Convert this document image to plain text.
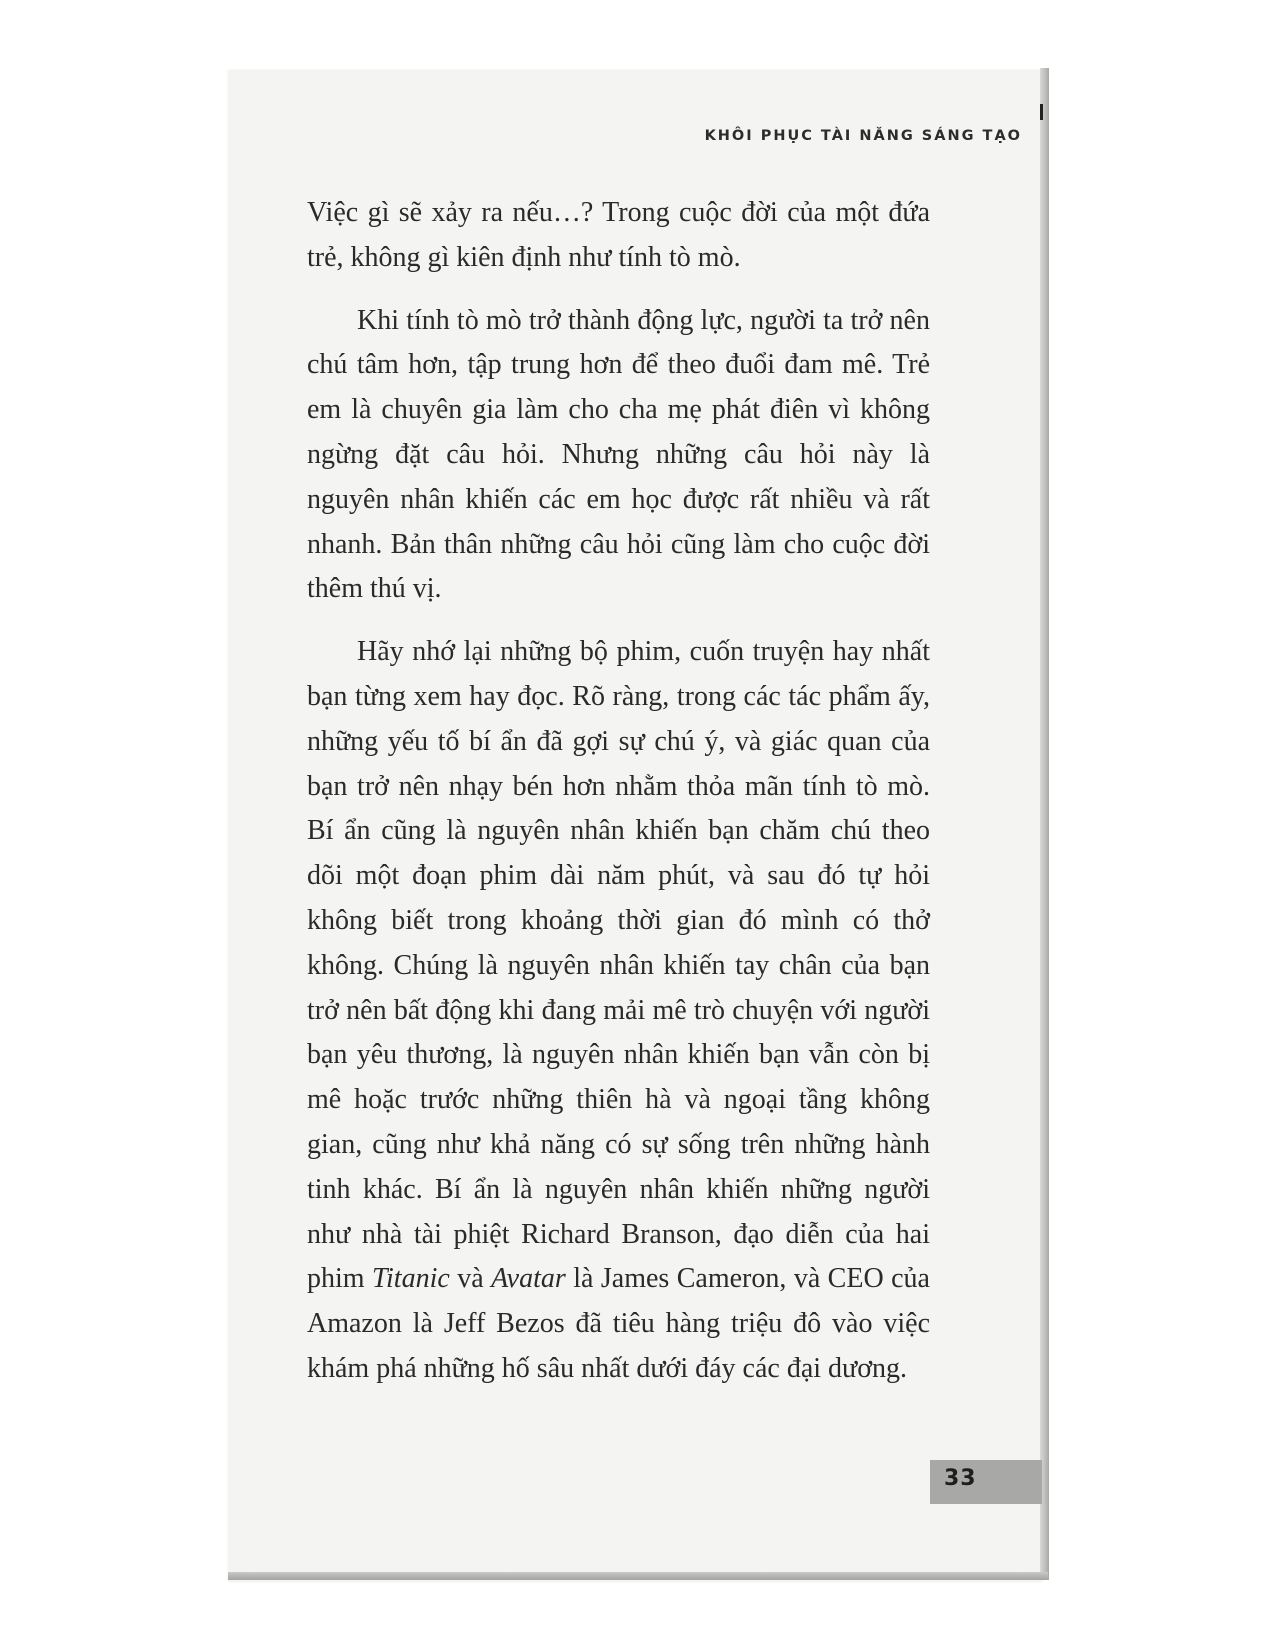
KHÔI PHỤC TÀI NĂNG SÁNG TẠO

Việc gì sẽ xảy ra nếu…? Trong cuộc đời của một đứa trẻ, không gì kiên định như tính tò mò.

Khi tính tò mò trở thành động lực, người ta trở nên chú tâm hơn, tập trung hơn để theo đuổi đam mê. Trẻ em là chuyên gia làm cho cha mẹ phát điên vì không ngừng đặt câu hỏi. Nhưng những câu hỏi này là nguyên nhân khiến các em học được rất nhiều và rất nhanh. Bản thân những câu hỏi cũng làm cho cuộc đời thêm thú vị.

Hãy nhớ lại những bộ phim, cuốn truyện hay nhất bạn từng xem hay đọc. Rõ ràng, trong các tác phẩm ấy, những yếu tố bí ẩn đã gợi sự chú ý, và giác quan của bạn trở nên nhạy bén hơn nhằm thỏa mãn tính tò mò. Bí ẩn cũng là nguyên nhân khiến bạn chăm chú theo dõi một đoạn phim dài năm phút, và sau đó tự hỏi không biết trong khoảng thời gian đó mình có thở không. Chúng là nguyên nhân khiến tay chân của bạn trở nên bất động khi đang mải mê trò chuyện với người bạn yêu thương, là nguyên nhân khiến bạn vẫn còn bị mê hoặc trước những thiên hà và ngoại tầng không gian, cũng như khả năng có sự sống trên những hành tinh khác. Bí ẩn là nguyên nhân khiến những người như nhà tài phiệt Richard Branson, đạo diễn của hai phim Titanic và Avatar là James Cameron, và CEO của Amazon là Jeff Bezos đã tiêu hàng triệu đô vào việc khám phá những hố sâu nhất dưới đáy các đại dương.

33
